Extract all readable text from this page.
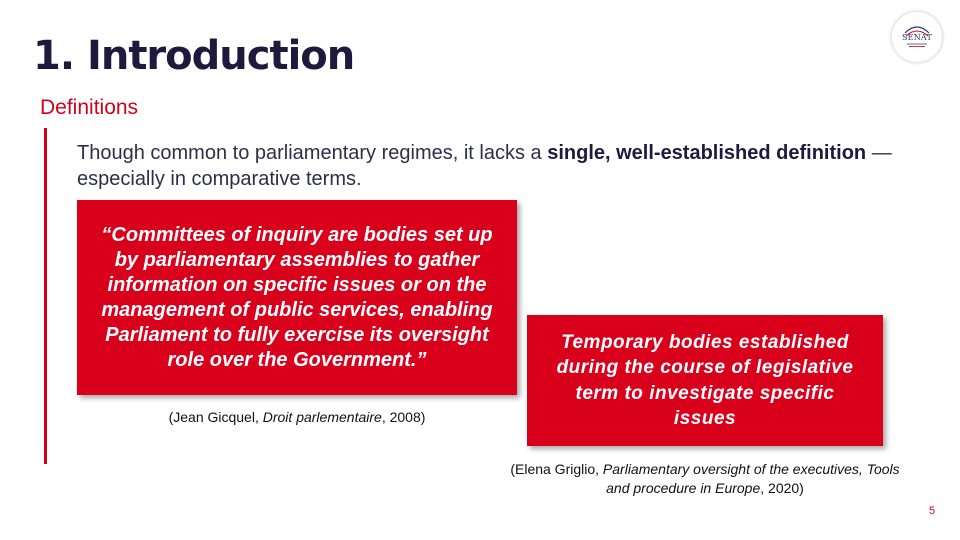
1. Introduction	SÉNAT
Definitions
Though common to parliamentary regimes, it lacks a single, well-established definition — especially in comparative terms.
“Committees of inquiry are bodies set up by parliamentary assemblies to gather information on specific issues or on the management of public services, enabling Parliament to fully exercise its oversight role over the Government.”
(Jean Gicquel, Droit parlementaire, 2008)
Temporary bodies established during the course of legislative term to investigate specific issues
(Elena Griglio, Parliamentary oversight of the executives, Tools and procedure in Europe, 2020)
5
